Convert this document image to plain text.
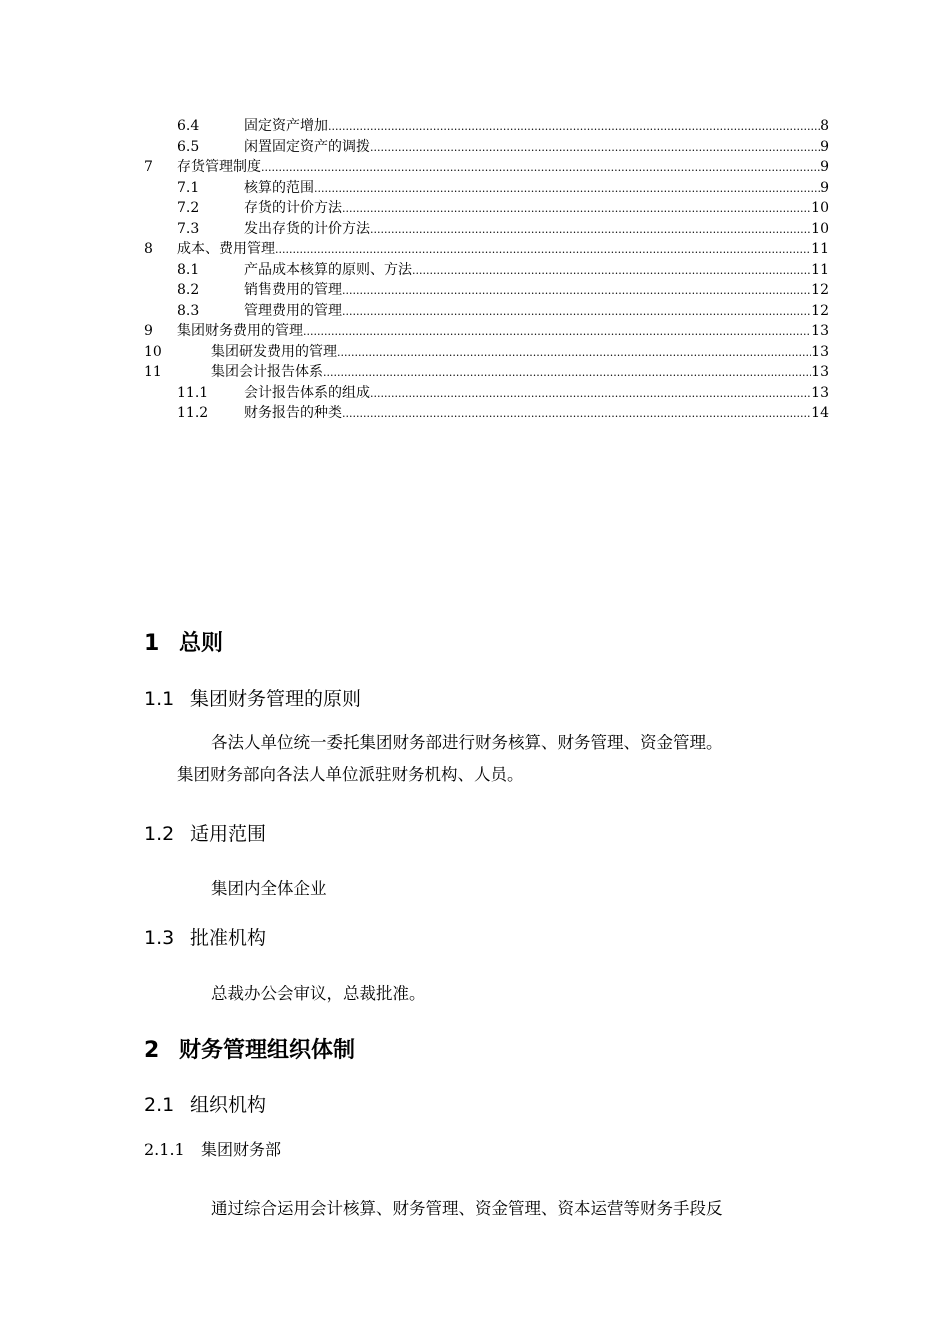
6.4	固定资产增加 .....	8
6.5	闲置固定资产的调拨 .....	9
7 存货管理制度 .....	9
7.1	核算的范围 .....	9
7.2	存货的计价方法 .....	10
7.3	发出存货的计价方法 .....	10
8 成本、费用管理 .....	11
8.1	产品成本核算的原则、方法 .....	11
8.2	销售费用的管理 .....	12
8.3	管理费用的管理 .....	12
9 集团财务费用的管理 .....	13
10	集团研发费用的管理 .....	13
11	集团会计报告体系 .....	13
11.1	会计报告体系的组成 .....	13
11.2	财务报告的种类 .....	14
1 总则
1.1 集团财务管理的原则

各法人单位统一委托集团财务部进行财务核算、财务管理、资金管理。

集团财务部向各法人单位派驻财务机构、人员。

1.2 适用范围

集团内全体企业

1.3 批准机构

总裁办公会审议，总裁批准。

2 财务管理组织体制
2.1 组织机构
2.1.1 集团财务部

通过综合运用会计核算、财务管理、资金管理、资本运营等财务手段反
